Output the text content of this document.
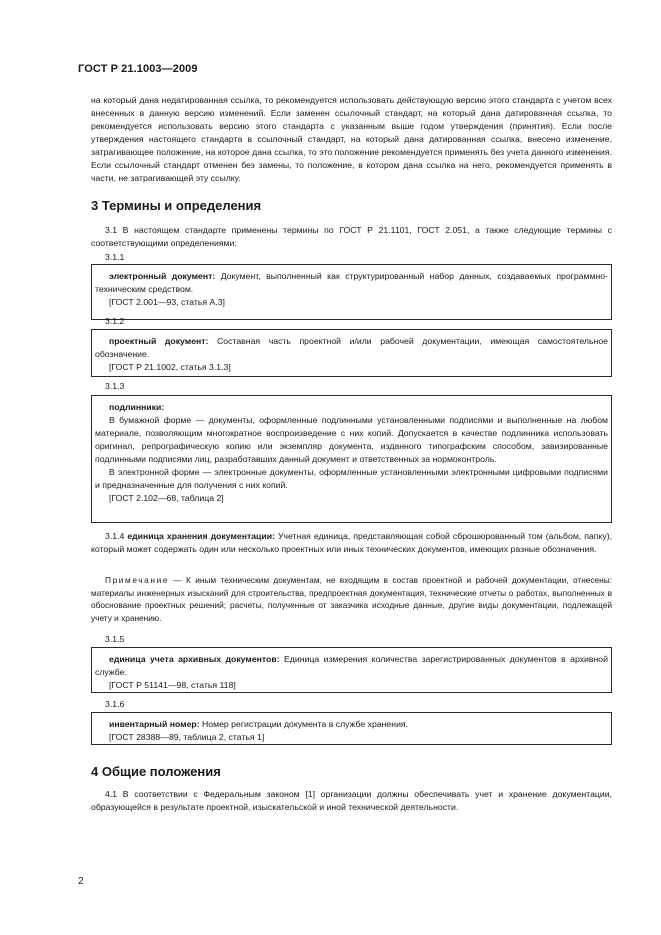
ГОСТ Р 21.1003—2009
на который дана недатированная ссылка, то рекомендуется использовать действующую версию этого стандарта с учетом всех внесенных в данную версию изменений. Если заменен ссылочный стандарт, на который дана датированная ссылка, то рекомендуется использовать версию этого стандарта с указанным выше годом утверждения (принятия). Если после утверждения настоящего стандарта в ссылочный стандарт, на который дана датированная ссылка, внесено изменение, затрагивающее положение, на которое дана ссылка, то это положение рекомендуется применять без учета данного изменения. Если ссылочный стандарт отменен без замены, то положение, в котором дана ссылка на него, рекомендуется применять в части, не затрагивающей эту ссылку.
3 Термины и определения
3.1 В настоящем стандарте применены термины по ГОСТ Р 21.1101, ГОСТ 2.051, а также следующие термины с соответствующими определениями:
3.1.1

электронный документ: Документ, выполненный как структурированный набор данных, создаваемых программно-техническим средством.

[ГОСТ 2.001—93, статья А.3]

3.1.2

проектный документ: Составная часть проектной и/или рабочей документации, имеющая самостоятельное обозначение.

[ГОСТ Р 21.1002, статья 3.1.3]

3.1.3

подлинники:

В бумажной форме — документы, оформленные подлинными установленными подписями и выполненные на любом материале, позволяющим многократное воспроизведение с них копий. Допускается в качестве подлинника использовать оригинал, репрографическую копию или экземпляр документа, изданного типографским способом, завизированные подлинными подписями лиц, разработавших данный документ и ответственных за нормоконтроль.

В электронной форме — электронные документы, оформленные установленными электронными цифровыми подписями и предназначенные для получения с них копий.

[ГОСТ 2.102—68, таблица 2]

3.1.4 единица хранения документации: Учетная единица, представляющая собой сброшюрованный том (альбом, папку), который может содержать один или несколько проектных или иных технических документов, имеющих разные обозначения.
Примечание — К иным техническим документам, не входящим в состав проектной и рабочей документации, отнесены: материалы инженерных изысканий для строительства, предпроектная документация, технические отчеты о работах, выполненных в обоснование проектных решений; расчеты, полученные от заказчика исходные данные, другие виды документации, подлежащей учету и хранению.
3.1.5

единица учета архивных документов: Единица измерения количества зарегистрированных документов в архивной службе.

[ГОСТ Р 51141—98, статья 118]

3.1.6

инвентарный номер: Номер регистрации документа в службе хранения.

[ГОСТ 28388—89, таблица 2, статья 1]

4 Общие положения
4.1 В соответствии с Федеральным законом [1] организации должны обеспечивать учет и хранение документации, образующейся в результате проектной, изыскательской и иной технической деятельности.
2
